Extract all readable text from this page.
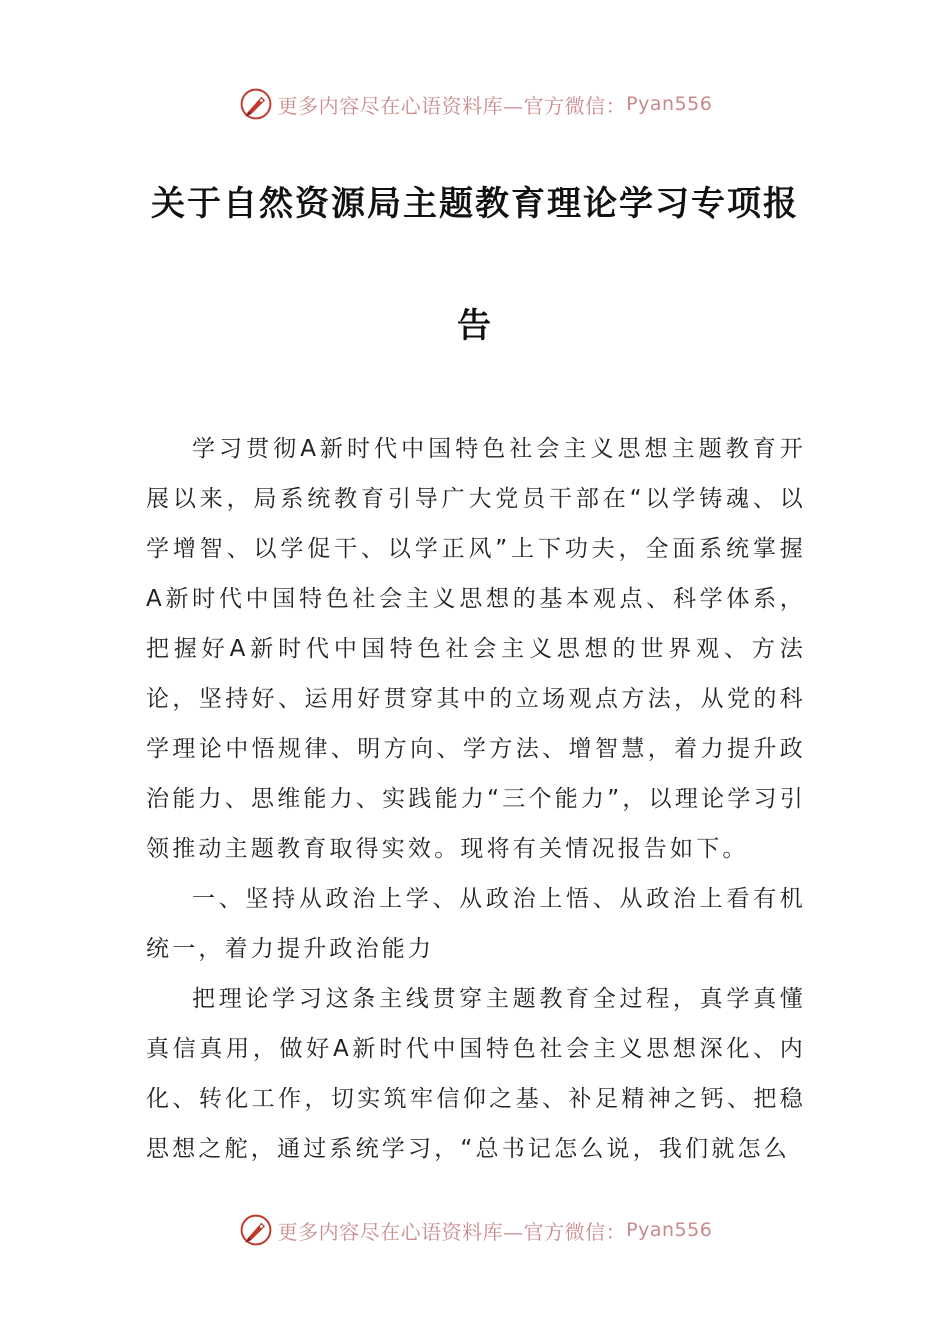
更多内容尽在心语资料库—官方微信： Pyan556
关于自然资源局主题教育理论学习专项报
告

学习贯彻A新时代中国特色社会主义思想主题教育开展以来，局系统教育引导广大党员干部在“以学铸魂、以学增智、以学促干、以学正风”上下功夫，全面系统掌握A新时代中国特色社会主义思想的基本观点、科学体系，把握好A新时代中国特色社会主义思想的世界观、方法论，坚持好、运用好贯穿其中的立场观点方法，从党的科学理论中悟规律、明方向、学方法、增智慧，着力提升政治能力、思维能力、实践能力“三个能力”，以理论学习引领推动主题教育取得实效。现将有关情况报告如下。

一、坚持从政治上学、从政治上悟、从政治上看有机统一，着力提升政治能力

把理论学习这条主线贯穿主题教育全过程，真学真懂真信真用，做好A新时代中国特色社会主义思想深化、内化、转化工作，切实筑牢信仰之基、补足精神之钙、把稳思想之舵，通过系统学习，“总书记怎么说，我们就怎么

更多内容尽在心语资料库—官方微信： Pyan556
